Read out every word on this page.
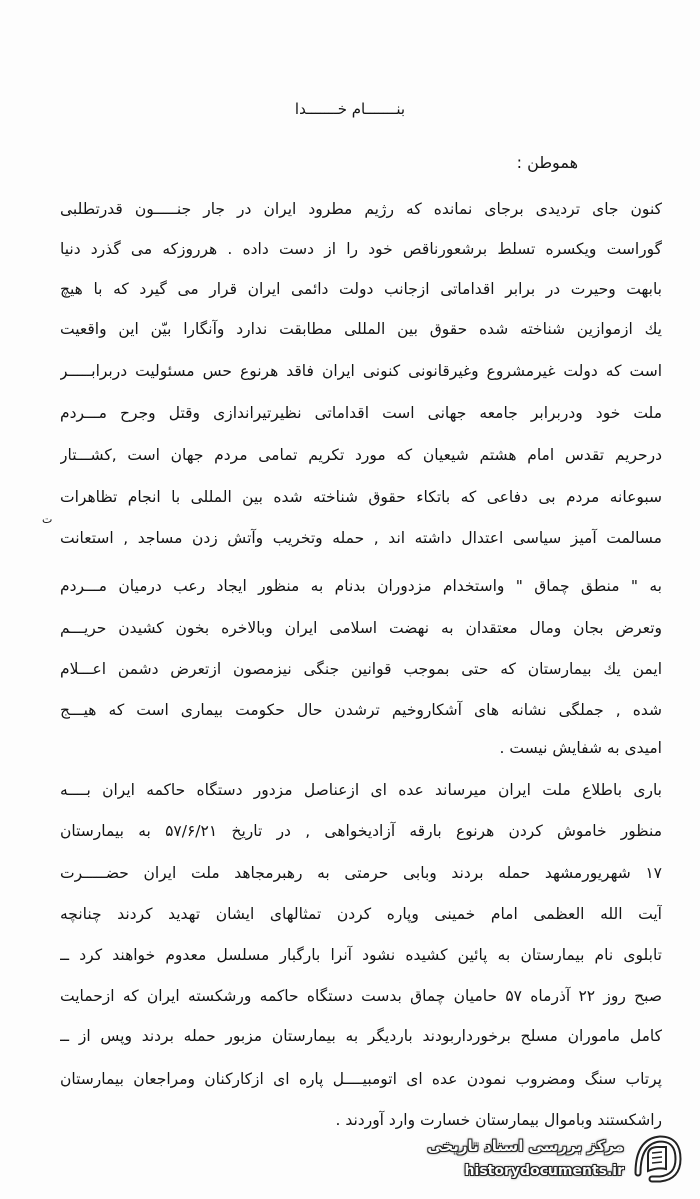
بنـــــــام خـــــــدا
هموطن :
ت
کنون جای تردیدی برجای نمانده که رژیم مطرود ایران در جار جنـــــون قدرتطلبی
گوراست ویکسره تسلط برشعورناقص خود را از دست داده . هرروزکه می گذرد دنیا
بابهت وحیرت در برابر اقداماتی ازجانب دولت دائمی ایران قرار می گیرد که با هیچ
یك ازموازین شناخته شده حقوق بین المللی مطابقت ندارد وآنگارا بیّن این واقعیت
است که دولت غیرمشروع وغیرقانونی کنونی ایران فاقد هرنوع حس مسئولیت دربرابـــــر
ملت خود ودربرابر جامعه جهانی است اقداماتی نظیرتیراندازی وقتل وجرح مـــردم
درحریم تقدس امام هشتم شیعیان که مورد تکریم تمامی مردم جهان است ,کشـــتار
سبوعانه مردم بی دفاعی که باتکاء حقوق شناخته شده بین المللی با انجام تظاهرات
مسالمت آمیز سیاسی اعتدال داشته اند , حمله وتخریب وآتش زدن مساجد , استعانت
به " منطق چماق " واستخدام مزدوران بدنام به منظور ایجاد رعب درمیان مـــردم
وتعرض بجان ومال معتقدان به نهضت اسلامی ایران وبالاخره بخون کشیدن حریـــم
ایمن یك بیمارستان که حتی بموجب قوانین جنگی نیزمصون ازتعرض دشمن اعـــلام
شده , جملگی نشانه های آشکاروخیم ترشدن حال حکومت بیماری است که هیـــج
امیدی به شفایش نیست .
باری باطلاع ملت ایران میرساند عده ای ازعناصل مزدور دستگاه حاکمه ایران بــــه
منظور خاموش کردن هرنوع بارقه آزادیخواهی , در تاریخ ۵۷/۶/۲۱ به بیمارستان
۱۷ شهریورمشهد حمله بردند وبابی حرمتی به رهبرمجاهد ملت ایران حضـــــرت
آیت الله العظمی امام خمینی وپاره کردن تمثالهای ایشان تهدید کردند چنانچه
تابلوی نام بیمارستان به پائین کشیده نشود آنرا بارگبار مسلسل معدوم خواهند کرد ــ
صبح روز ۲۲ آذرماه ۵۷ حامیان چماق بدست دستگاه حاکمه ورشکسته ایران که ازحمایت
کامل ماموران مسلح برخورداربودند باردیگر به بیمارستان مزبور حمله بردند وپس از ــ
پرتاب سنگ ومضروب نمودن عده ای اتومبیــــل پاره ای ازکارکنان ومراجعان بیمارستان
راشکستند وباموال بیمارستان خسارت وارد آوردند .
مرکز بررسی اسناد تاریخی
historydocuments.ir
